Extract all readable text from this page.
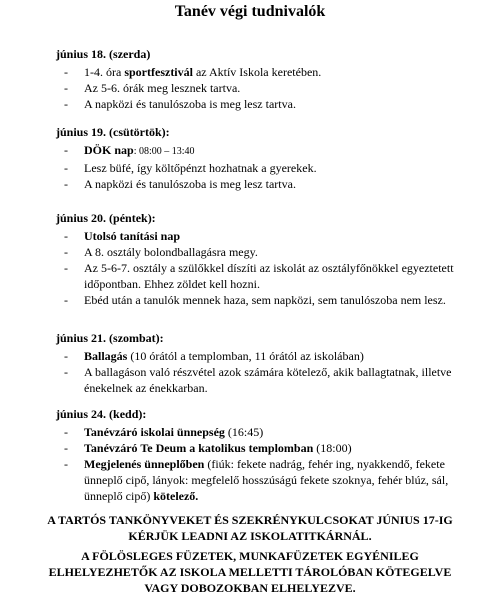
Tanév végi tudnivalók
június 18. (szerda)
- 1-4. óra sportfesztivál az Aktív Iskola keretében.
- Az 5-6. órák meg lesznek tartva.
- A napközi és tanulószoba is meg lesz tartva.
június 19. (csütörtök):
- DÖK nap: 08:00 – 13:40
- Lesz büfé, így költőpénzt hozhatnak a gyerekek.
- A napközi és tanulószoba is meg lesz tartva.
június 20. (péntek):
- Utolsó tanítási nap
- A 8. osztály bolondballagásra megy.
- Az 5-6-7. osztály a szülőkkel díszíti az iskolát az osztályfőnökkel egyeztetett időpontban. Ehhez zöldet kell hozni.
- Ebéd után a tanulók mennek haza, sem napközi, sem tanulószoba nem lesz.
június 21. (szombat):
- Ballagás (10 órától a templomban, 11 órától az iskolában)
- A ballagáson való részvétel azok számára kötelező, akik ballagtatnak, illetve énekelnek az énekkarban.
június 24. (kedd):
- Tanévzáró iskolai ünnepség (16:45)
- Tanévzáró Te Deum a katolikus templomban (18:00)
- Megjelenés ünneplőben (fiúk: fekete nadrág, fehér ing, nyakkendő, fekete ünneplő cipő, lányok: megfelelő hosszúságú fekete szoknya, fehér blúz, sál, ünneplő cipő) kötelező.
A TARTÓS TANKÖNYVEKET ÉS SZEKRÉNYKULCSOKAT JÚNIUS 17-IG KÉRJÜK LEADNI AZ ISKOLATITKÁRNÁL.
A FÖLÖSLEGES FÜZETEK, MUNKAFÜZETEK EGYÉNILEG ELHELYEZHETŐK AZ ISKOLA MELLETTI TÁROLÓBAN KÖTEGELVE VAGY DOBOZOKBAN ELHELYEZVE.
